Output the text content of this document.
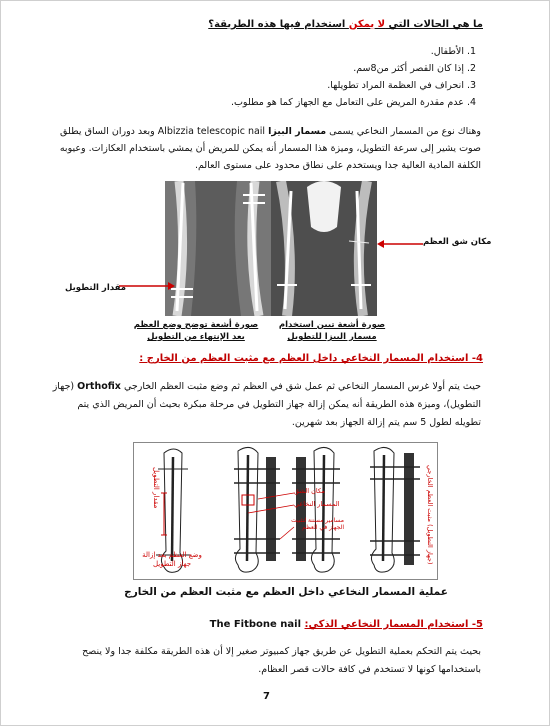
ما هي الحالات التي لا يمكن استخدام فيها هذه الطريقة؟
1. الأطفال.
2. إذا كان القصر أكثر من8سم.
3. انحراف في العظمة المراد تطويلها.
4. عدم مقدرة المريض على التعامل مع الجهاز كما هو مطلوب.

وهناك نوع من المسمار النخاعي يسمى مسمار البيزا Albizzia telescopic nail وبعد دوران الساق يطلق صوت يشير إلى سرعة التطويل، وميزة هذا المسمار أنه يمكن للمريض أن يمشي باستخدام العكازات. وعيوبه الكلفة المادية العالية جدا ويستخدم على نطاق محدود على مستوى العالم.

مكان شق العظم
مقدار التطويل
صورة أشعة توضح وضع العظم بعد الإنتهاء من التطويل
صورة أشعة تبين استخدام مسمار البيزا للتطويل
4- استخدام المسمار النخاعي داخل العظم مع مثبت العظم من الخارج :

حيث يتم أولا غرس المسمار النخاعي ثم عمل شق في العظم ثم وضع مثبت العظم الخارجي Orthofix (جهاز التطويل)، وميزة هذه الطريقة أنه يمكن إزالة جهاز التطويل في مرحلة مبكرة بحيث أن المريض الذي يتم تطويله لطول 5 سم يتم إزالة الجهاز بعد شهرين.

مقدار التطويل	مكان الشق
المسمار النخاعي
مسامير مسننة لتثبيت الجهاز في العظم	(جهاز التطويل) مثبت العظم الخارجي
وضع العظم بعد إزالة جهاز التطويل
عملية المسمار النخاعي داخل العظم مع مثبت العظم من الخارج
5- استخدام المسمار النخاعي الذكي: The Fitbone nail

بحيث يتم التحكم بعملية التطويل عن طريق جهاز كمبيوتر صغير إلا أن هذه الطريقة مكلفة جدا ولا ينصح باستخدامها كونها لا تستخدم في كافة حالات قصر العظام.

7
